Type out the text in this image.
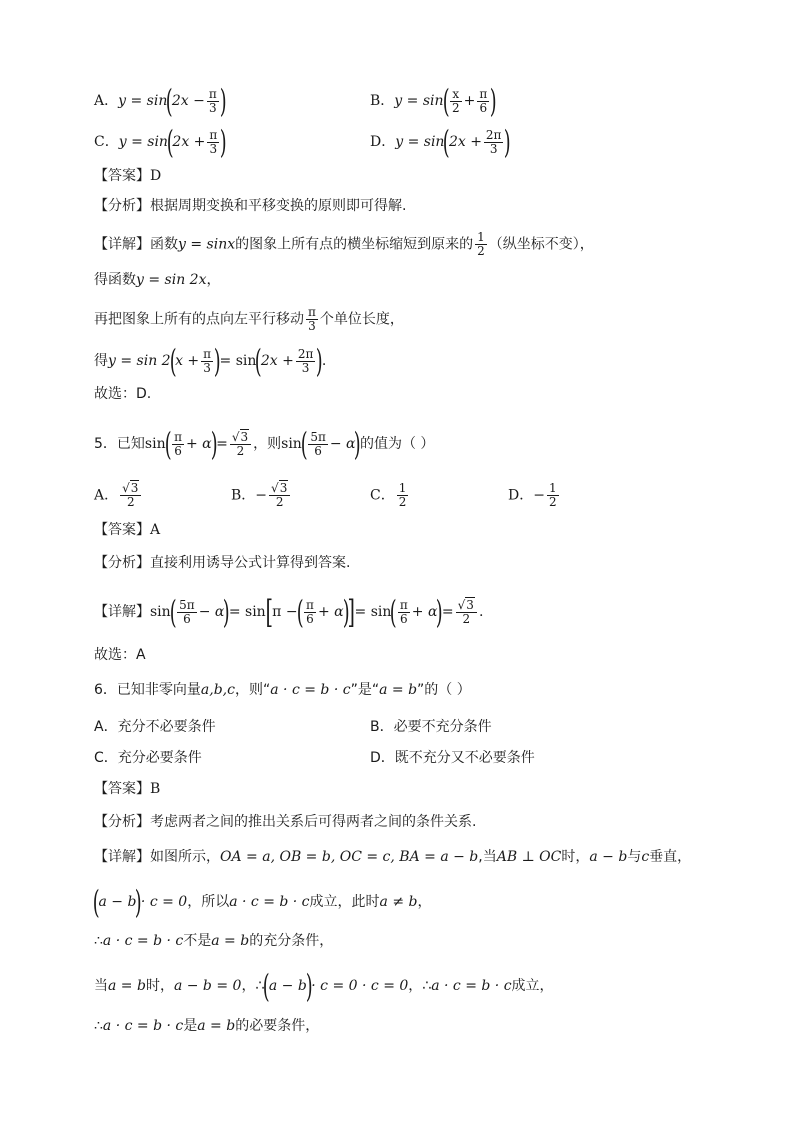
A．$y = \sin(2x - \frac{\pi}{3}$ )	B．$y = \sin( \frac{x}{2} + \frac{\pi}{6}$ )
C．$y = \sin(2x + \frac{\pi}{3}$ )	D．$y = \sin(2x + \frac{2\pi}{3}$ )
【答案】D
【分析】根据周期变换和平移变换的原则即可得解.
【详解】函数y = sinx的图象上所有点的横坐标缩短到原来的 $\frac{1}{2}$ （纵坐标不变），
得函数y = sin 2x，
再把图象上所有的点向左平行移动 $\frac{\pi}{3}$ 个单位长度，
得$y = \sin 2(x + \frac{\pi}{3}$ )= $\sin(2x + \frac{2\pi}{3}$ ).
故选：D.
5．已知$\sin( \frac{\pi}{6} + \alpha)= \frac{√3}{2}$ ，则$\sin( \frac{5\pi}{6} - \alpha)$的值为（ ）
A． $\frac{√3}{2}$	B．− $\frac{√3}{2}$	C． $\frac{1}{2}$	D．− $\frac{1}{2}$
【答案】A
【分析】直接利用诱导公式计算得到答案.
【详解】$\sin( \frac{5\pi}{6} - \alpha)= \sin[\pi$ −( $\frac{\pi}{6} + \alpha)]= \sin( \frac{\pi}{6} + \alpha)= \frac{√3}{2}$ .
故选：A
6．已知非零向量a,b,c，则“a · c = b · c”是“a = b”的（ ）
A．充分不必要条件	B．必要不充分条件
C．充分必要条件	D．既不充分又不必要条件
【答案】B
【分析】考虑两者之间的推出关系后可得两者之间的条件关系.
【详解】如图所示，OA = a, OB = b, OC = c, BA = a − b,当AB ⊥ OC时，a − b与c垂直，
(a − b)· c = 0，所以a · c = b · c成立，此时a ≠ b，
∴a · c = b · c不是a = b的充分条件，
当a = b时，a − b = 0，∴(a − b)· c = 0 · c = 0，∴a · c = b · c成立，
∴a · c = b · c是a = b的必要条件，
